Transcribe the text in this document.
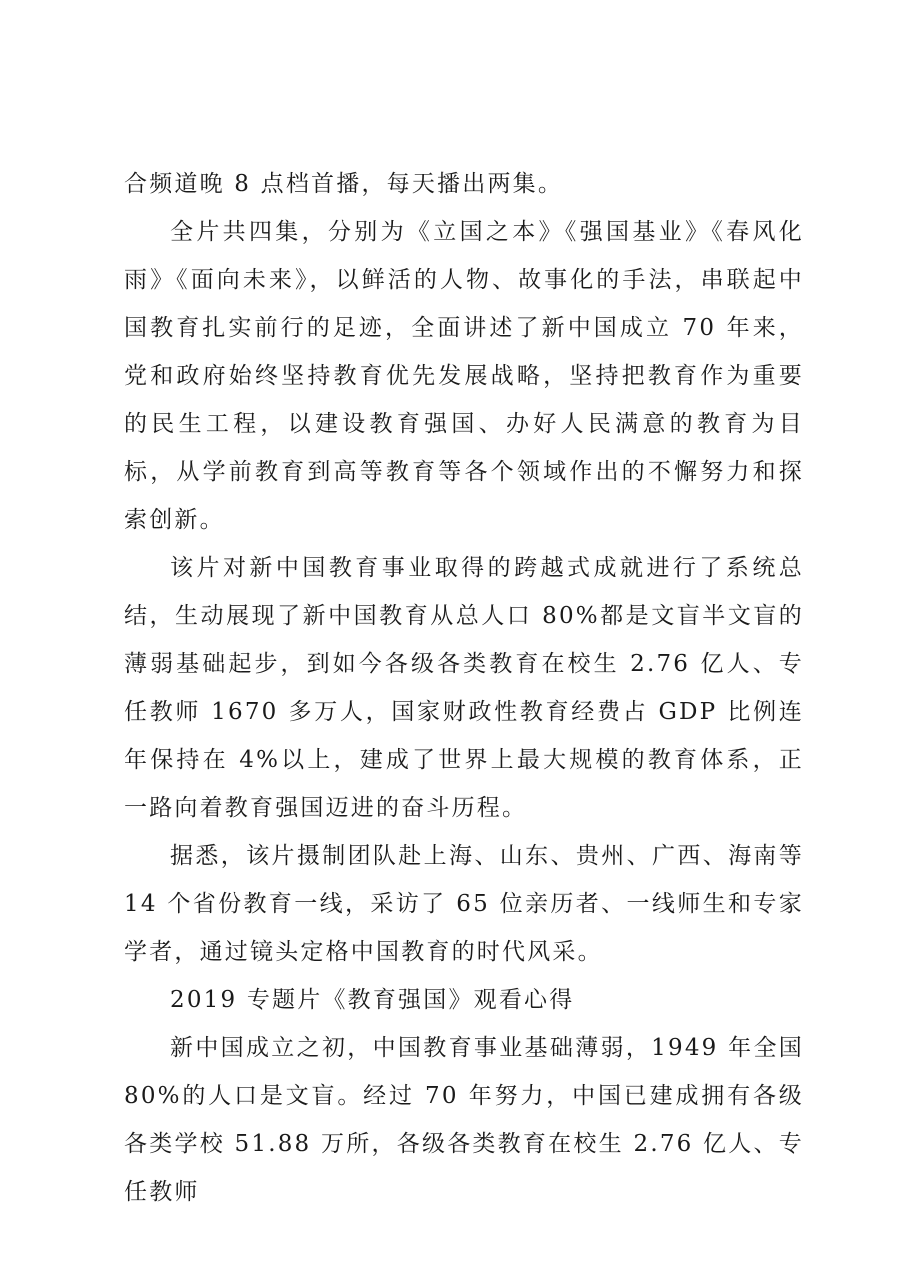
合频道晚 8 点档首播，每天播出两集。

全片共四集，分别为《立国之本》《强国基业》《春风化雨》《面向未来》，以鲜活的人物、故事化的手法，串联起中国教育扎实前行的足迹，全面讲述了新中国成立 70 年来，党和政府始终坚持教育优先发展战略，坚持把教育作为重要的民生工程，以建设教育强国、办好人民满意的教育为目标，从学前教育到高等教育等各个领域作出的不懈努力和探索创新。

该片对新中国教育事业取得的跨越式成就进行了系统总结，生动展现了新中国教育从总人口 80%都是文盲半文盲的薄弱基础起步，到如今各级各类教育在校生 2.76 亿人、专任教师 1670 多万人，国家财政性教育经费占 GDP 比例连年保持在 4%以上，建成了世界上最大规模的教育体系，正一路向着教育强国迈进的奋斗历程。

据悉，该片摄制团队赴上海、山东、贵州、广西、海南等 14 个省份教育一线，采访了 65 位亲历者、一线师生和专家学者，通过镜头定格中国教育的时代风采。

2019 专题片《教育强国》观看心得

新中国成立之初，中国教育事业基础薄弱，1949 年全国 80%的人口是文盲。经过 70 年努力，中国已建成拥有各级各类学校 51.88 万所，各级各类教育在校生 2.76 亿人、专任教师
